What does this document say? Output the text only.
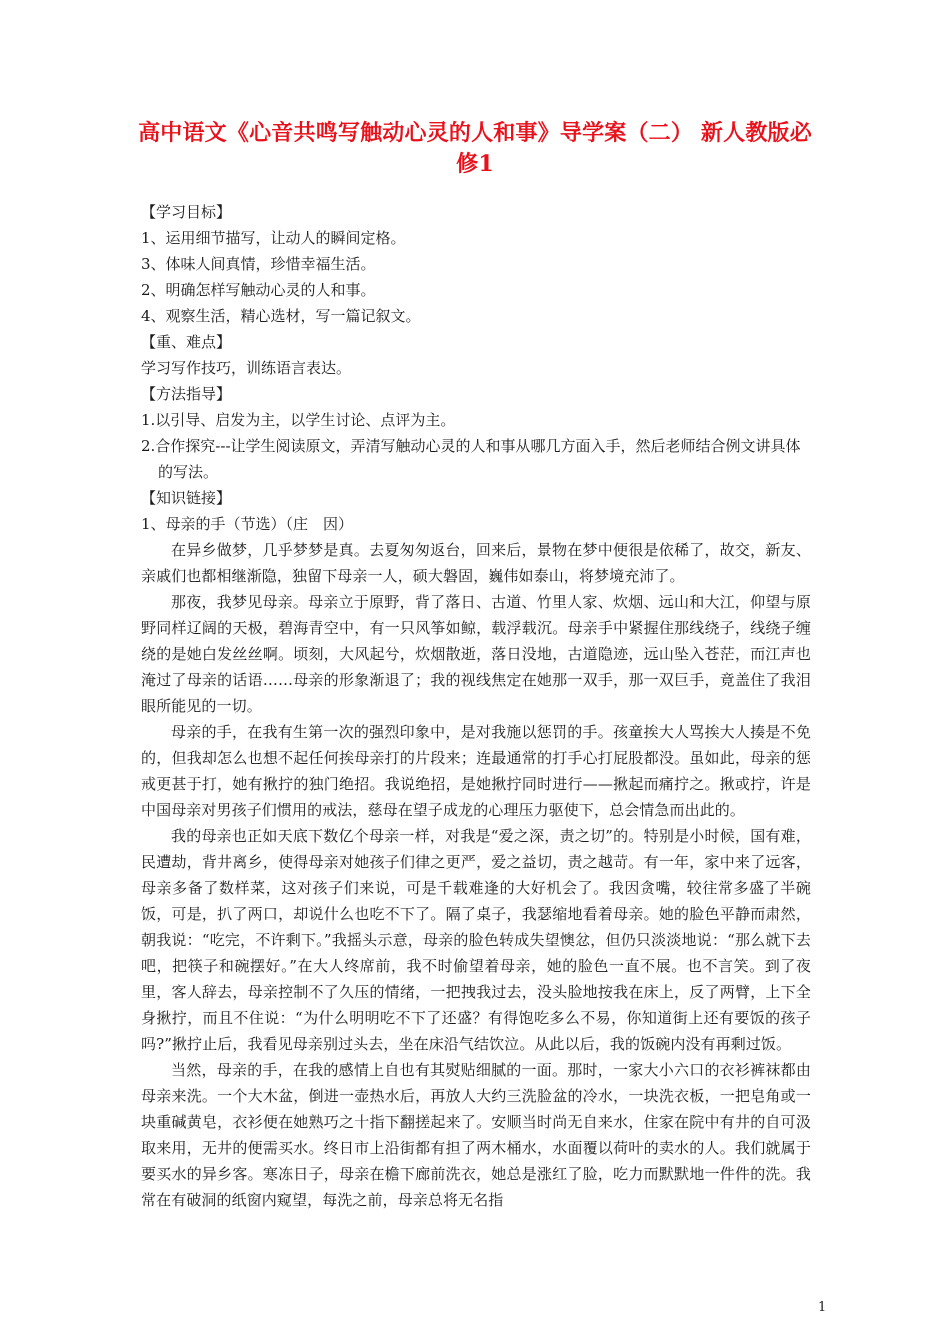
高中语文《心音共鸣写触动心灵的人和事》导学案（二） 新人教版必修1

【学习目标】

1、运用细节描写，让动人的瞬间定格。

3、体味人间真情，珍惜幸福生活。

2、明确怎样写触动心灵的人和事。

4、观察生活，精心选材，写一篇记叙文。

【重、难点】

学习写作技巧，训练语言表达。

【方法指导】

1.以引导、启发为主，以学生讨论、点评为主。

2.合作探究---让学生阅读原文，弄清写触动心灵的人和事从哪几方面入手，然后老师结合例文讲具体的写法。

【知识链接】

1、母亲的手（节选）（庄　因）

在异乡做梦，几乎梦梦是真。去夏匆匆返台，回来后，景物在梦中便很是依稀了，故交，新友、亲戚们也都相继渐隐，独留下母亲一人，硕大磐固，巍伟如泰山，将梦境充沛了。

那夜，我梦见母亲。母亲立于原野，背了落日、古道、竹里人家、炊烟、远山和大江，仰望与原野同样辽阔的天极，碧海青空中，有一只风筝如鲸，载浮载沉。母亲手中紧握住那线绕子，线绕子缠绕的是她白发丝丝啊。顷刻，大风起兮，炊烟散逝，落日没地，古道隐迹，远山坠入苍茫，而江声也淹过了母亲的话语……母亲的形象渐退了；我的视线焦定在她那一双手，那一双巨手，竟盖住了我泪眼所能见的一切。

母亲的手，在我有生第一次的强烈印象中，是对我施以惩罚的手。孩童挨大人骂挨大人揍是不免的，但我却怎么也想不起任何挨母亲打的片段来；连最通常的打手心打屁股都没。虽如此，母亲的惩戒更甚于打，她有揪拧的独门绝招。我说绝招，是她揪拧同时进行——揪起而痛拧之。揪或拧，许是中国母亲对男孩子们惯用的戒法，慈母在望子成龙的心理压力驱使下，总会情急而出此的。

我的母亲也正如天底下数亿个母亲一样，对我是“爱之深，责之切”的。特别是小时候，国有难，民遭劫，背井离乡，使得母亲对她孩子们律之更严，爱之益切，责之越苛。有一年，家中来了远客，母亲多备了数样菜，这对孩子们来说，可是千载难逢的大好机会了。我因贪嘴，较往常多盛了半碗饭，可是，扒了两口，却说什么也吃不下了。隔了桌子，我瑟缩地看着母亲。她的脸色平静而肃然，朝我说：“吃完，不许剩下。”我摇头示意，母亲的脸色转成失望懊忿，但仍只淡淡地说：“那么就下去吧，把筷子和碗摆好。”在大人终席前，我不时偷望着母亲，她的脸色一直不展。也不言笑。到了夜里，客人辞去，母亲控制不了久压的情绪，一把拽我过去，没头脸地按我在床上，反了两臂，上下全身揪拧，而且不住说：“为什么明明吃不下了还盛？有得饱吃多么不易，你知道街上还有要饭的孩子吗?”揪拧止后，我看见母亲别过头去，坐在床沿气结饮泣。从此以后，我的饭碗内没有再剩过饭。

当然，母亲的手，在我的感情上自也有其熨贴细腻的一面。那时，一家大小六口的衣衫裤袜都由母亲来洗。一个大木盆，倒进一壶热水后，再放人大约三洗脸盆的冷水，一块洗衣板，一把皂角或一块重碱黄皂，衣衫便在她熟巧之十指下翻搓起来了。安顺当时尚无自来水，住家在院中有井的自可汲取来用，无井的便需买水。终日市上沿街都有担了两木桶水，水面覆以荷叶的卖水的人。我们就属于要买水的异乡客。寒冻日子，母亲在檐下廊前洗衣，她总是涨红了脸，吃力而默默地一件件的洗。我常在有破洞的纸窗内窥望，每洗之前，母亲总将无名指

1
